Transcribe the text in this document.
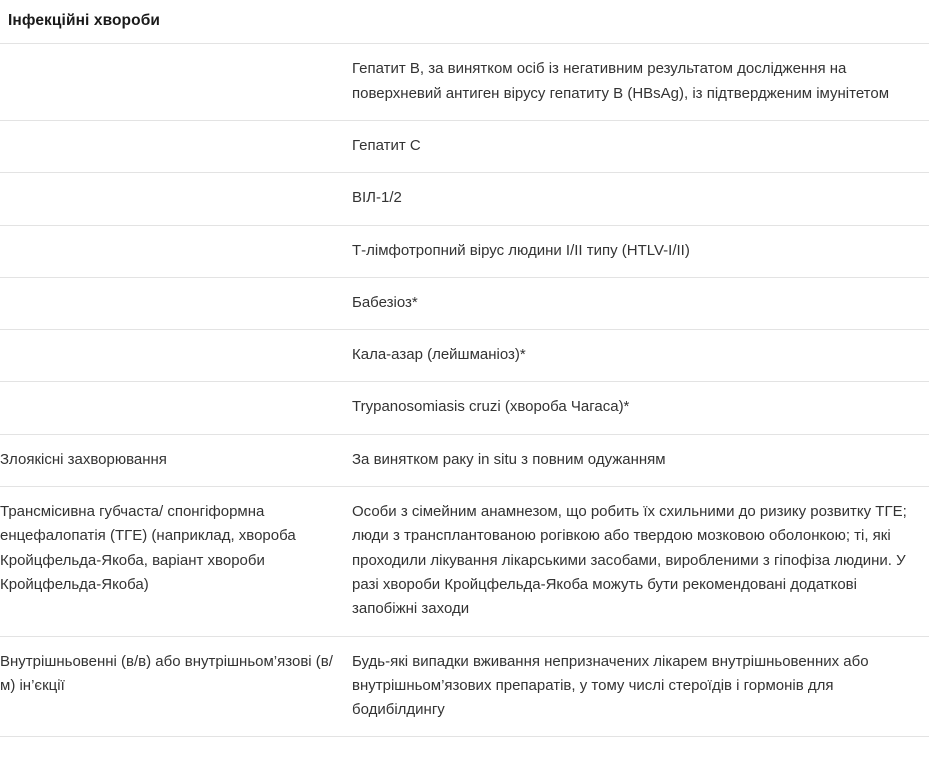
Інфекційні хвороби
	Гепатит B, за винятком осіб із негативним результатом дослідження на поверхневий антиген вірусу гепатиту B (HBsAg), із підтвердженим імунітетом
	Гепатит C
	ВІЛ-1/2
	Т-лімфотропний вірус людини I/II типу (HTLV-I/II)
	Бабезіоз*
	Кала-азар (лейшманіоз)*
	Trypanosomiasis cruzi (хвороба Чагаса)*
Злоякісні захворювання	За винятком раку in situ з повним одужанням
Трансмісивна губчаста/ спонгіформна енцефалопатія (ТГЕ) (наприклад, хвороба Кройцфельда-Якоба, варіант хвороби Кройцфельда-Якоба)	Особи з сімейним анамнезом, що робить їх схильними до ризику розвитку ТГЕ; люди з трансплантованою рогівкою або твердою мозковою оболонкою; ті, які проходили лікування лікарськими засобами, виробленими з гіпофіза людини. У разі хвороби Кройцфельда-Якоба можуть бути рекомендовані додаткові запобіжні заходи
Внутрішньовенні (в/в) або внутрішньом’язові (в/м) ін’єкції	Будь-які випадки вживання непризначених лікарем внутрішньовенних або внутрішньом’язових препаратів, у тому числі стероїдів і гормонів для бодибілдингу
